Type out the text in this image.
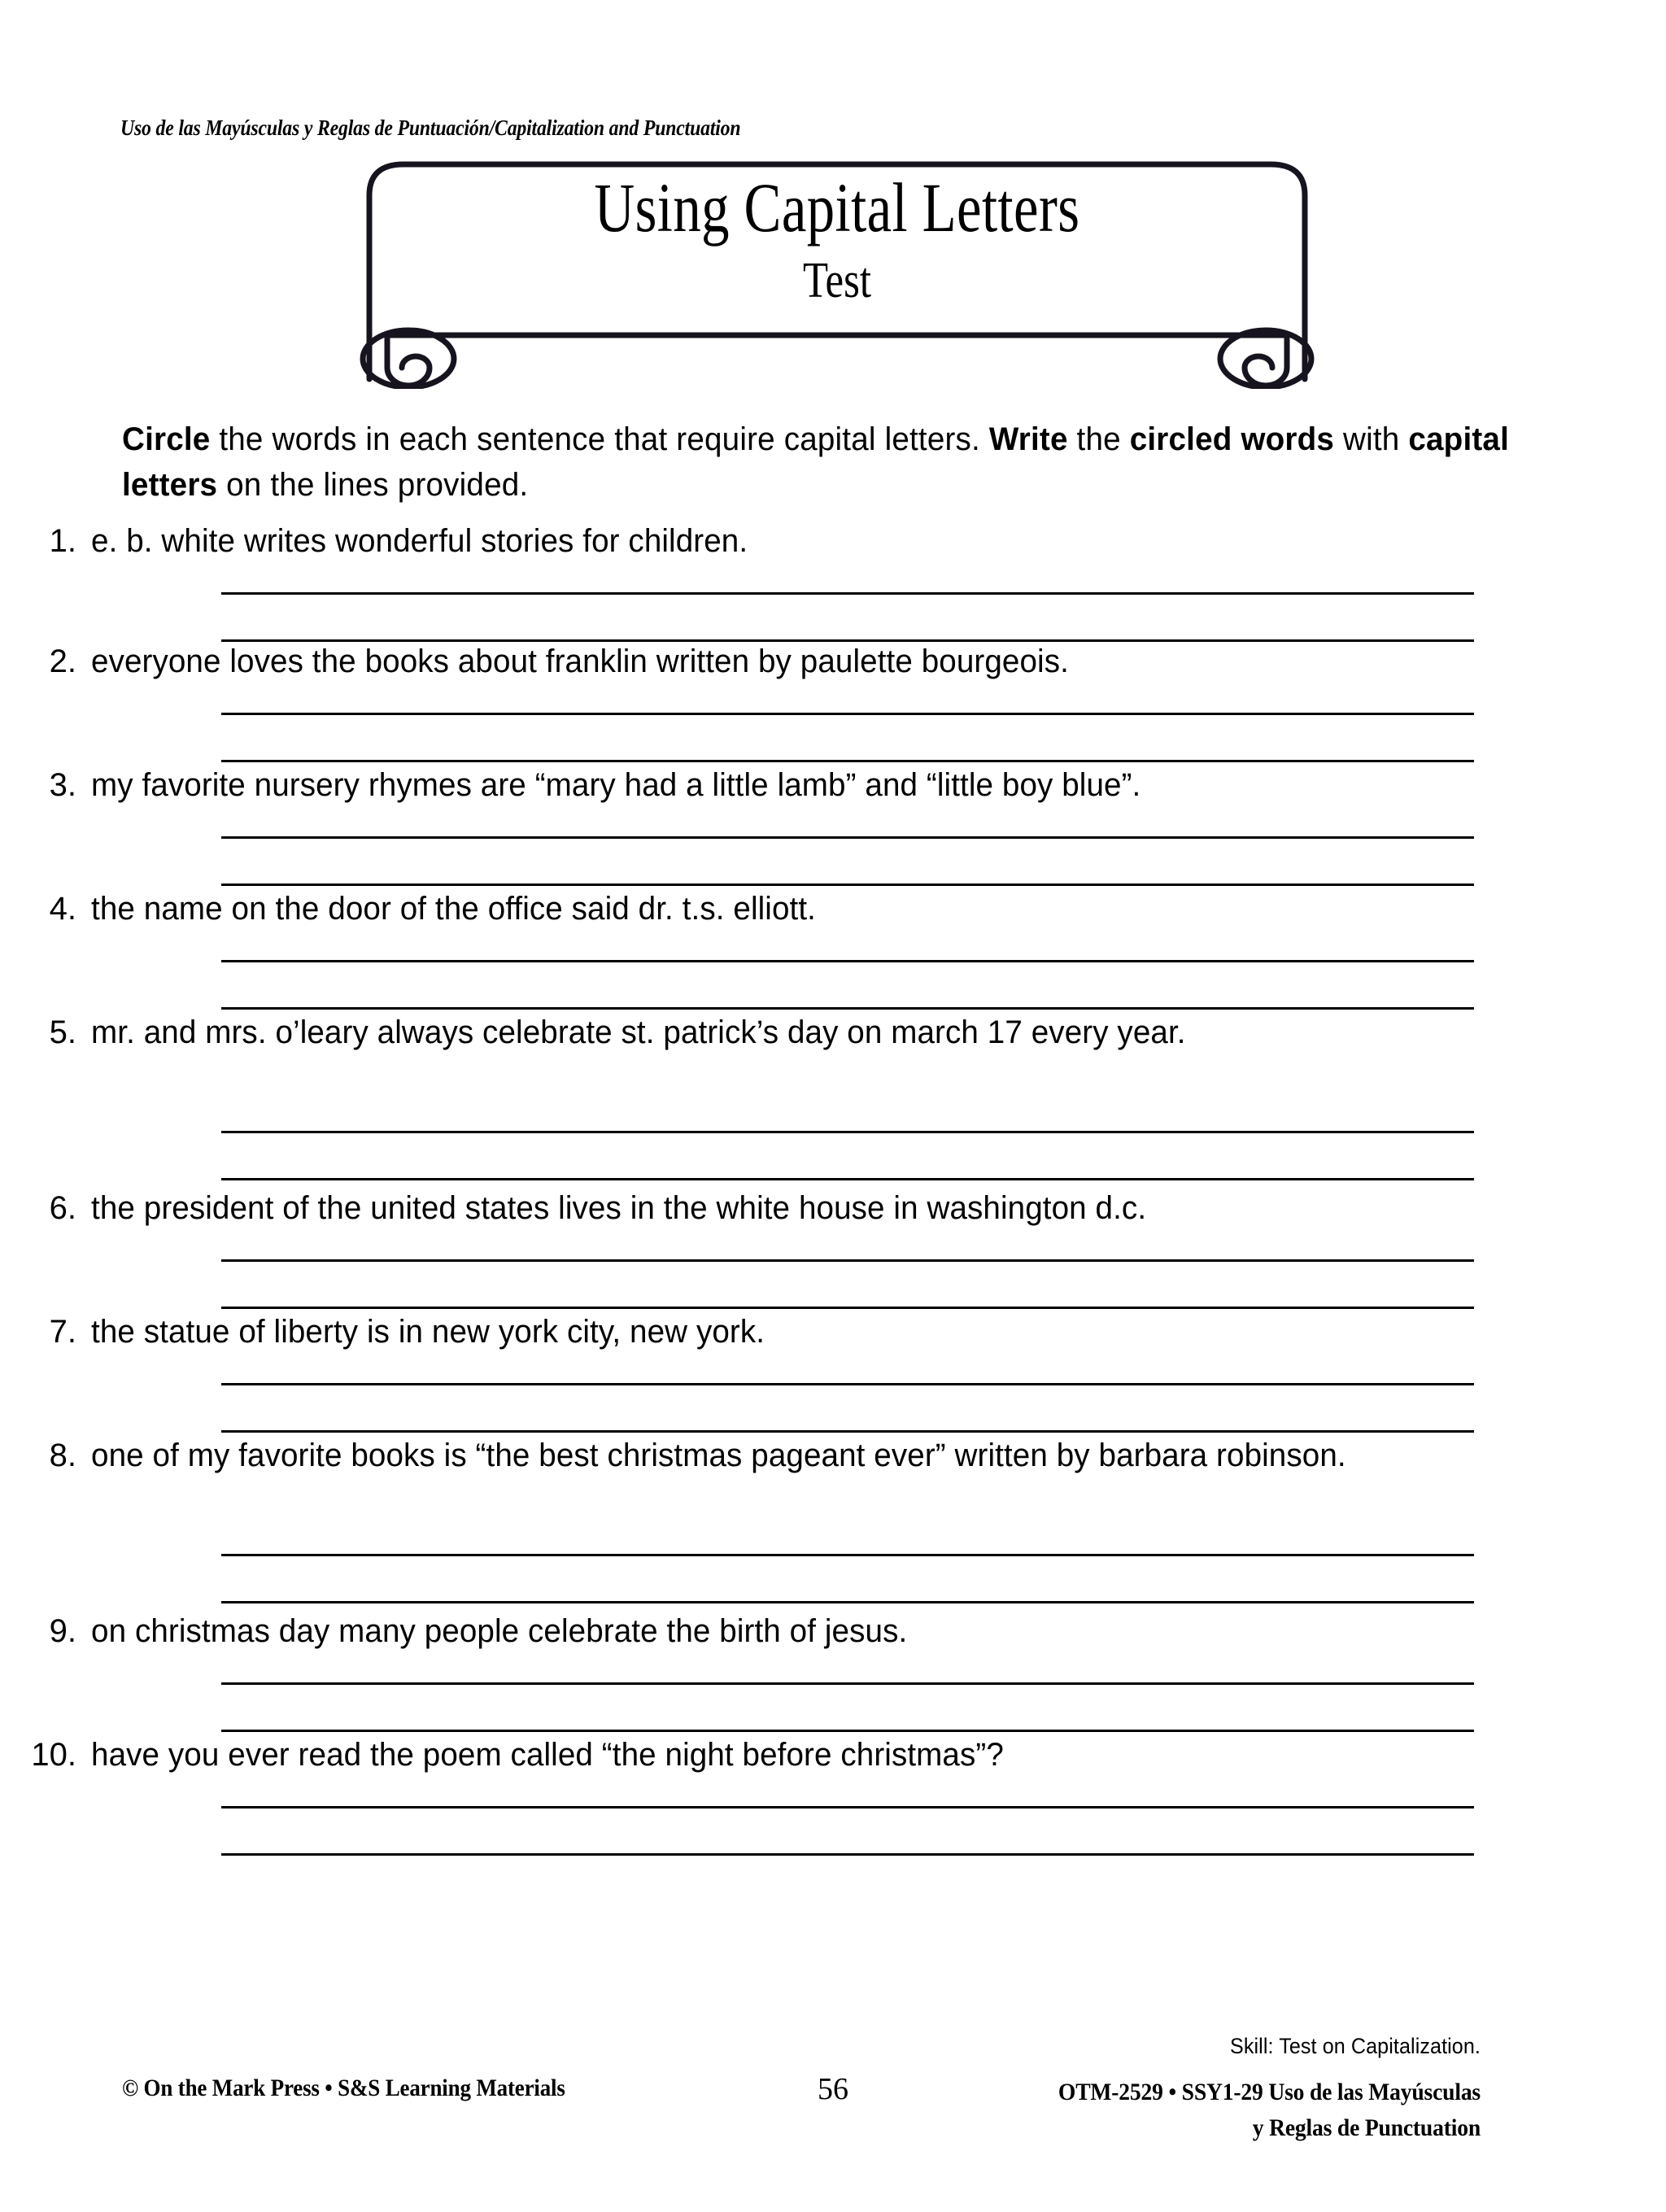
Uso de las Mayúsculas y Reglas de Puntuación/Capitalization and Punctuation
Using Capital Letters
Test
Circle the words in each sentence that require capital letters. Write the circled words with capital letters on the lines provided.
1. e. b. white writes wonderful stories for children.
2. everyone loves the books about franklin written by paulette bourgeois.
3. my favorite nursery rhymes are “mary had a little lamb” and “little boy blue”.
4. the name on the door of the office said dr. t.s. elliott.
5. mr. and mrs. o’leary always celebrate st. patrick’s day on march 17 every year.
6. the president of the united states lives in the white house in washington d.c.
7. the statue of liberty is in new york city, new york.
8. one of my favorite books is “the best christmas pageant ever” written by barbara robinson.
9. on christmas day many people celebrate the birth of jesus.
10. have you ever read the poem called “the night before christmas”?
Skill: Test on Capitalization.
© On the Mark Press • S&S Learning Materials	56	OTM-2529 • SSY1-29 Uso de las Mayúsculas
y Reglas de Punctuation
